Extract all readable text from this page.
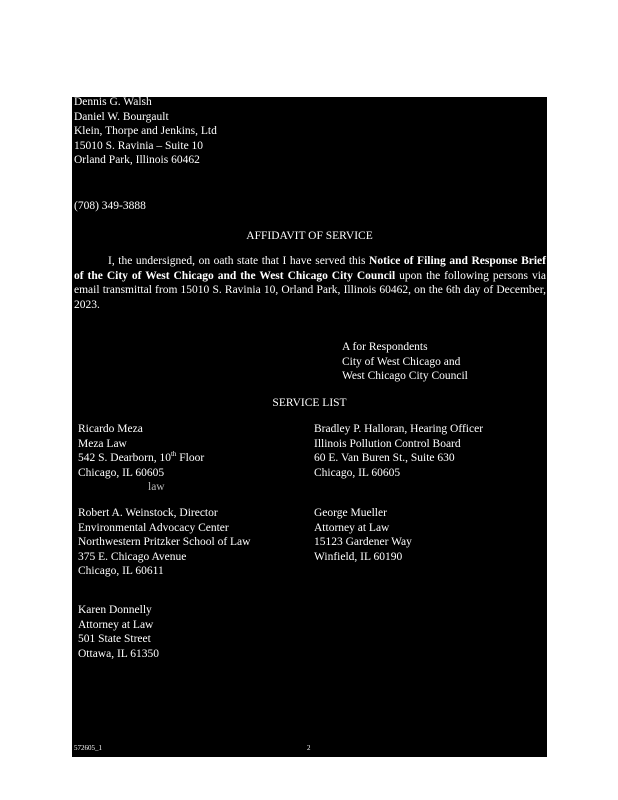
Dennis G. Walsh
Daniel W. Bourgault
Klein, Thorpe and Jenkins, Ltd
15010 S. Ravinia – Suite 10
Orland Park, Illinois 60462
(708) 349-3888
AFFIDAVIT OF SERVICE
I, the undersigned, on oath state that I have served this Notice of Filing and Response Brief of the City of West Chicago and the West Chicago City Council upon the following persons via email transmittal from 15010 S. Ravinia 10, Orland Park, Illinois 60462, on the 6th day of December, 2023.
A for Respondents
City of West Chicago and
West Chicago City Council
SERVICE LIST
Ricardo Meza
Meza Law
542 S. Dearborn, 10th Floor
Chicago, IL 60605
law
Robert A. Weinstock, Director
Environmental Advocacy Center
Northwestern Pritzker School of Law
375 E. Chicago Avenue
Chicago, IL 60611
Karen Donnelly
Attorney at Law
501 State Street
Ottawa, IL 61350
Bradley P. Halloran, Hearing Officer
Illinois Pollution Control Board
60 E. Van Buren St., Suite 630
Chicago, IL 60605
George Mueller
Attorney at Law
15123 Gardener Way
Winfield, IL 60190
572605_1	2
